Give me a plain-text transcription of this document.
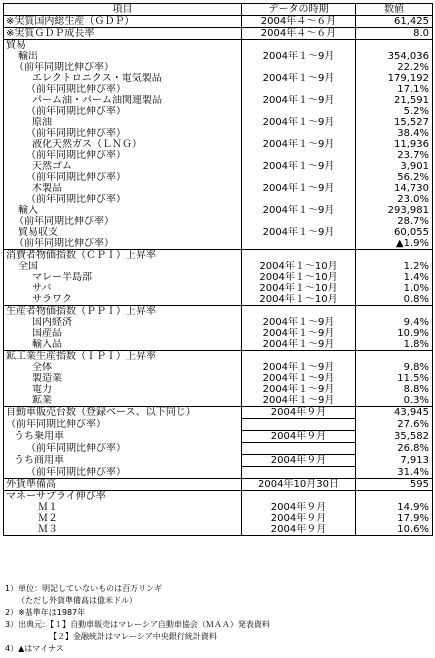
項目	データの時期	数値
※実質国内総生産（ＧＤＰ）	2004年４～６月	61,425
※実質ＧＤＰ成長率	2004年４～６月	8.0
貿易		
輸出	2004年１～9月	354,036
（前年同期比伸び率）		22.2%
エレクトロニクス・電気製品	2004年１～9月	179,192
（前年同期比伸び率）		17.1%
パーム油・パーム油関連製品	2004年１～9月	21,591
（前年同期比伸び率）		5.2%
原油	2004年１～9月	15,527
（前年同期比伸び率）		38.4%
液化天然ガス（ＬＮＧ）	2004年１～9月	11,936
（前年同期比伸び率）		23.7%
天然ゴム	2004年１～9月	3,901
（前年同期比伸び率）		56.2%
木製品	2004年１～9月	14,730
（前年同期比伸び率）		23.0%
輸入	2004年１～9月	293,981
（前年同期比伸び率）		28.7%
貿易収支	2004年１～9月	60,055
（前年同期比伸び率）		▲1.9%
消費者物価指数（ＣＰＩ）上昇率		
全国	2004年１～10月	1.2%
マレー半島部	2004年１～10月	1.4%
サバ	2004年１～10月	1.0%
サラワク	2004年１～10月	0.8%
生産者物価指数（ＰＰＩ）上昇率		
国内経済	2004年１～9月	9.4%
国産品	2004年１～9月	10.9%
輸入品	2004年１～9月	1.8%
鉱工業生産指数（ＩＰＩ）上昇率		
全体	2004年１～9月	9.8%
製造業	2004年１～9月	11.5%
電力	2004年１～9月	8.8%
鉱業	2004年１～9月	0.3%
自動車販売台数（登録ベース、以下同じ）	2004年９月	43,945
（前年同期比伸び率）		27.6%
うち乗用車	2004年９月	35,582
（前年同期比伸び率）		26.8%
うち商用車	2004年９月	7,913
（前年同期比伸び率）		31.4%
外貨準備高	2004年10月30日	595
マネーサプライ伸び率		
Ｍ１	2004年９月	14.9%
Ｍ２	2004年９月	17.9%
Ｍ３	2004年９月	10.6%
1）単位：明記していないものは百万リンギ
　　（ただし外貨準備高は億米ドル）
2）※基準年は1987年
3）出典元：【１】自動車販売はマレーシア自動車協会（ＭＡＡ）発表資料
　　　　　　【２】金融統計はマレーシア中央銀行統計資料
4）▲はマイナス
